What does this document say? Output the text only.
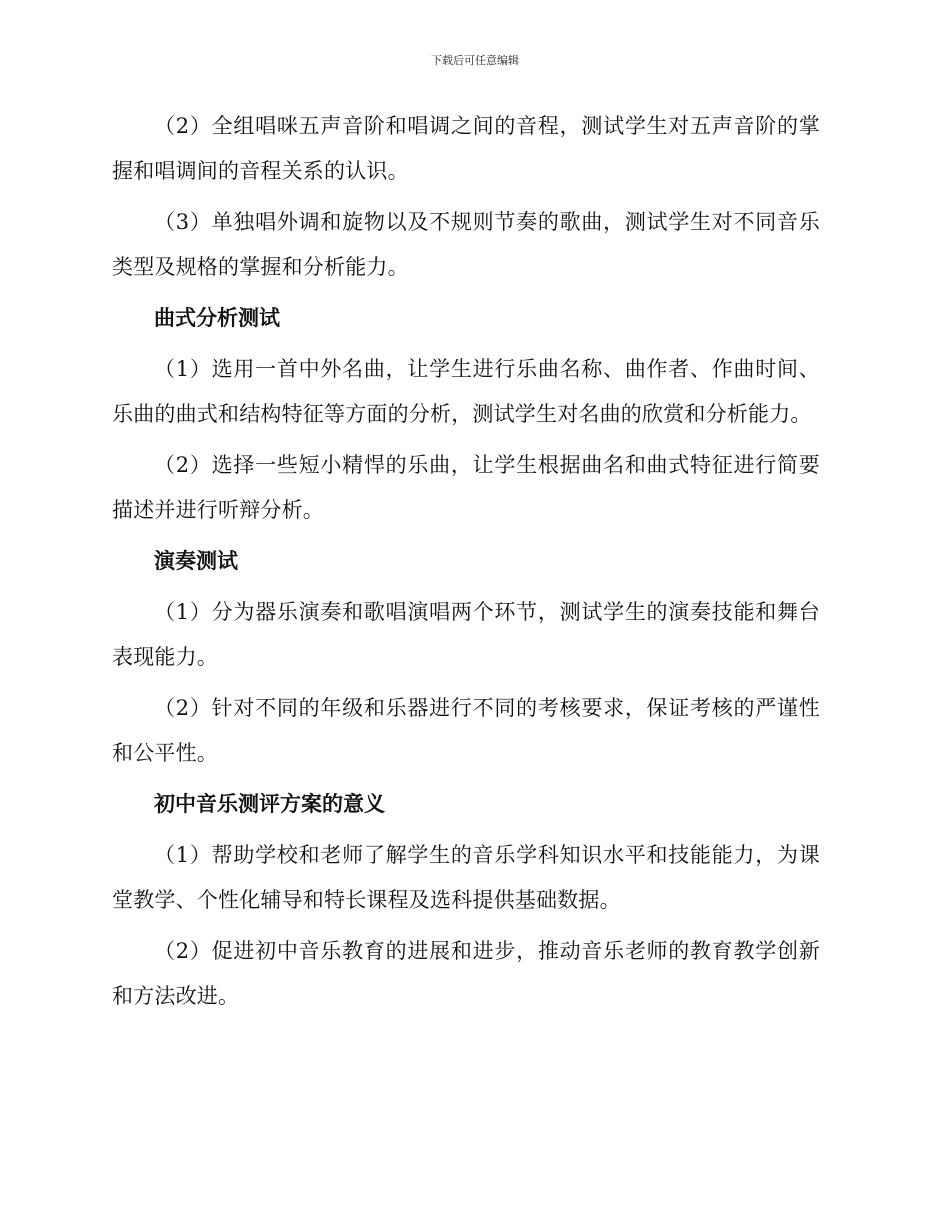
下载后可任意编辑

（2）全组唱咪五声音阶和唱调之间的音程，测试学生对五声音阶的掌握和唱调间的音程关系的认识。

（3）单独唱外调和旋物以及不规则节奏的歌曲，测试学生对不同音乐类型及规格的掌握和分析能力。

曲式分析测试

（1）选用一首中外名曲，让学生进行乐曲名称、曲作者、作曲时间、乐曲的曲式和结构特征等方面的分析，测试学生对名曲的欣赏和分析能力。

（2）选择一些短小精悍的乐曲，让学生根据曲名和曲式特征进行简要描述并进行听辩分析。

演奏测试

（1）分为器乐演奏和歌唱演唱两个环节，测试学生的演奏技能和舞台表现能力。

（2）针对不同的年级和乐器进行不同的考核要求，保证考核的严谨性和公平性。

初中音乐测评方案的意义

（1）帮助学校和老师了解学生的音乐学科知识水平和技能能力，为课堂教学、个性化辅导和特长课程及选科提供基础数据。

（2）促进初中音乐教育的进展和进步，推动音乐老师的教育教学创新和方法改进。
